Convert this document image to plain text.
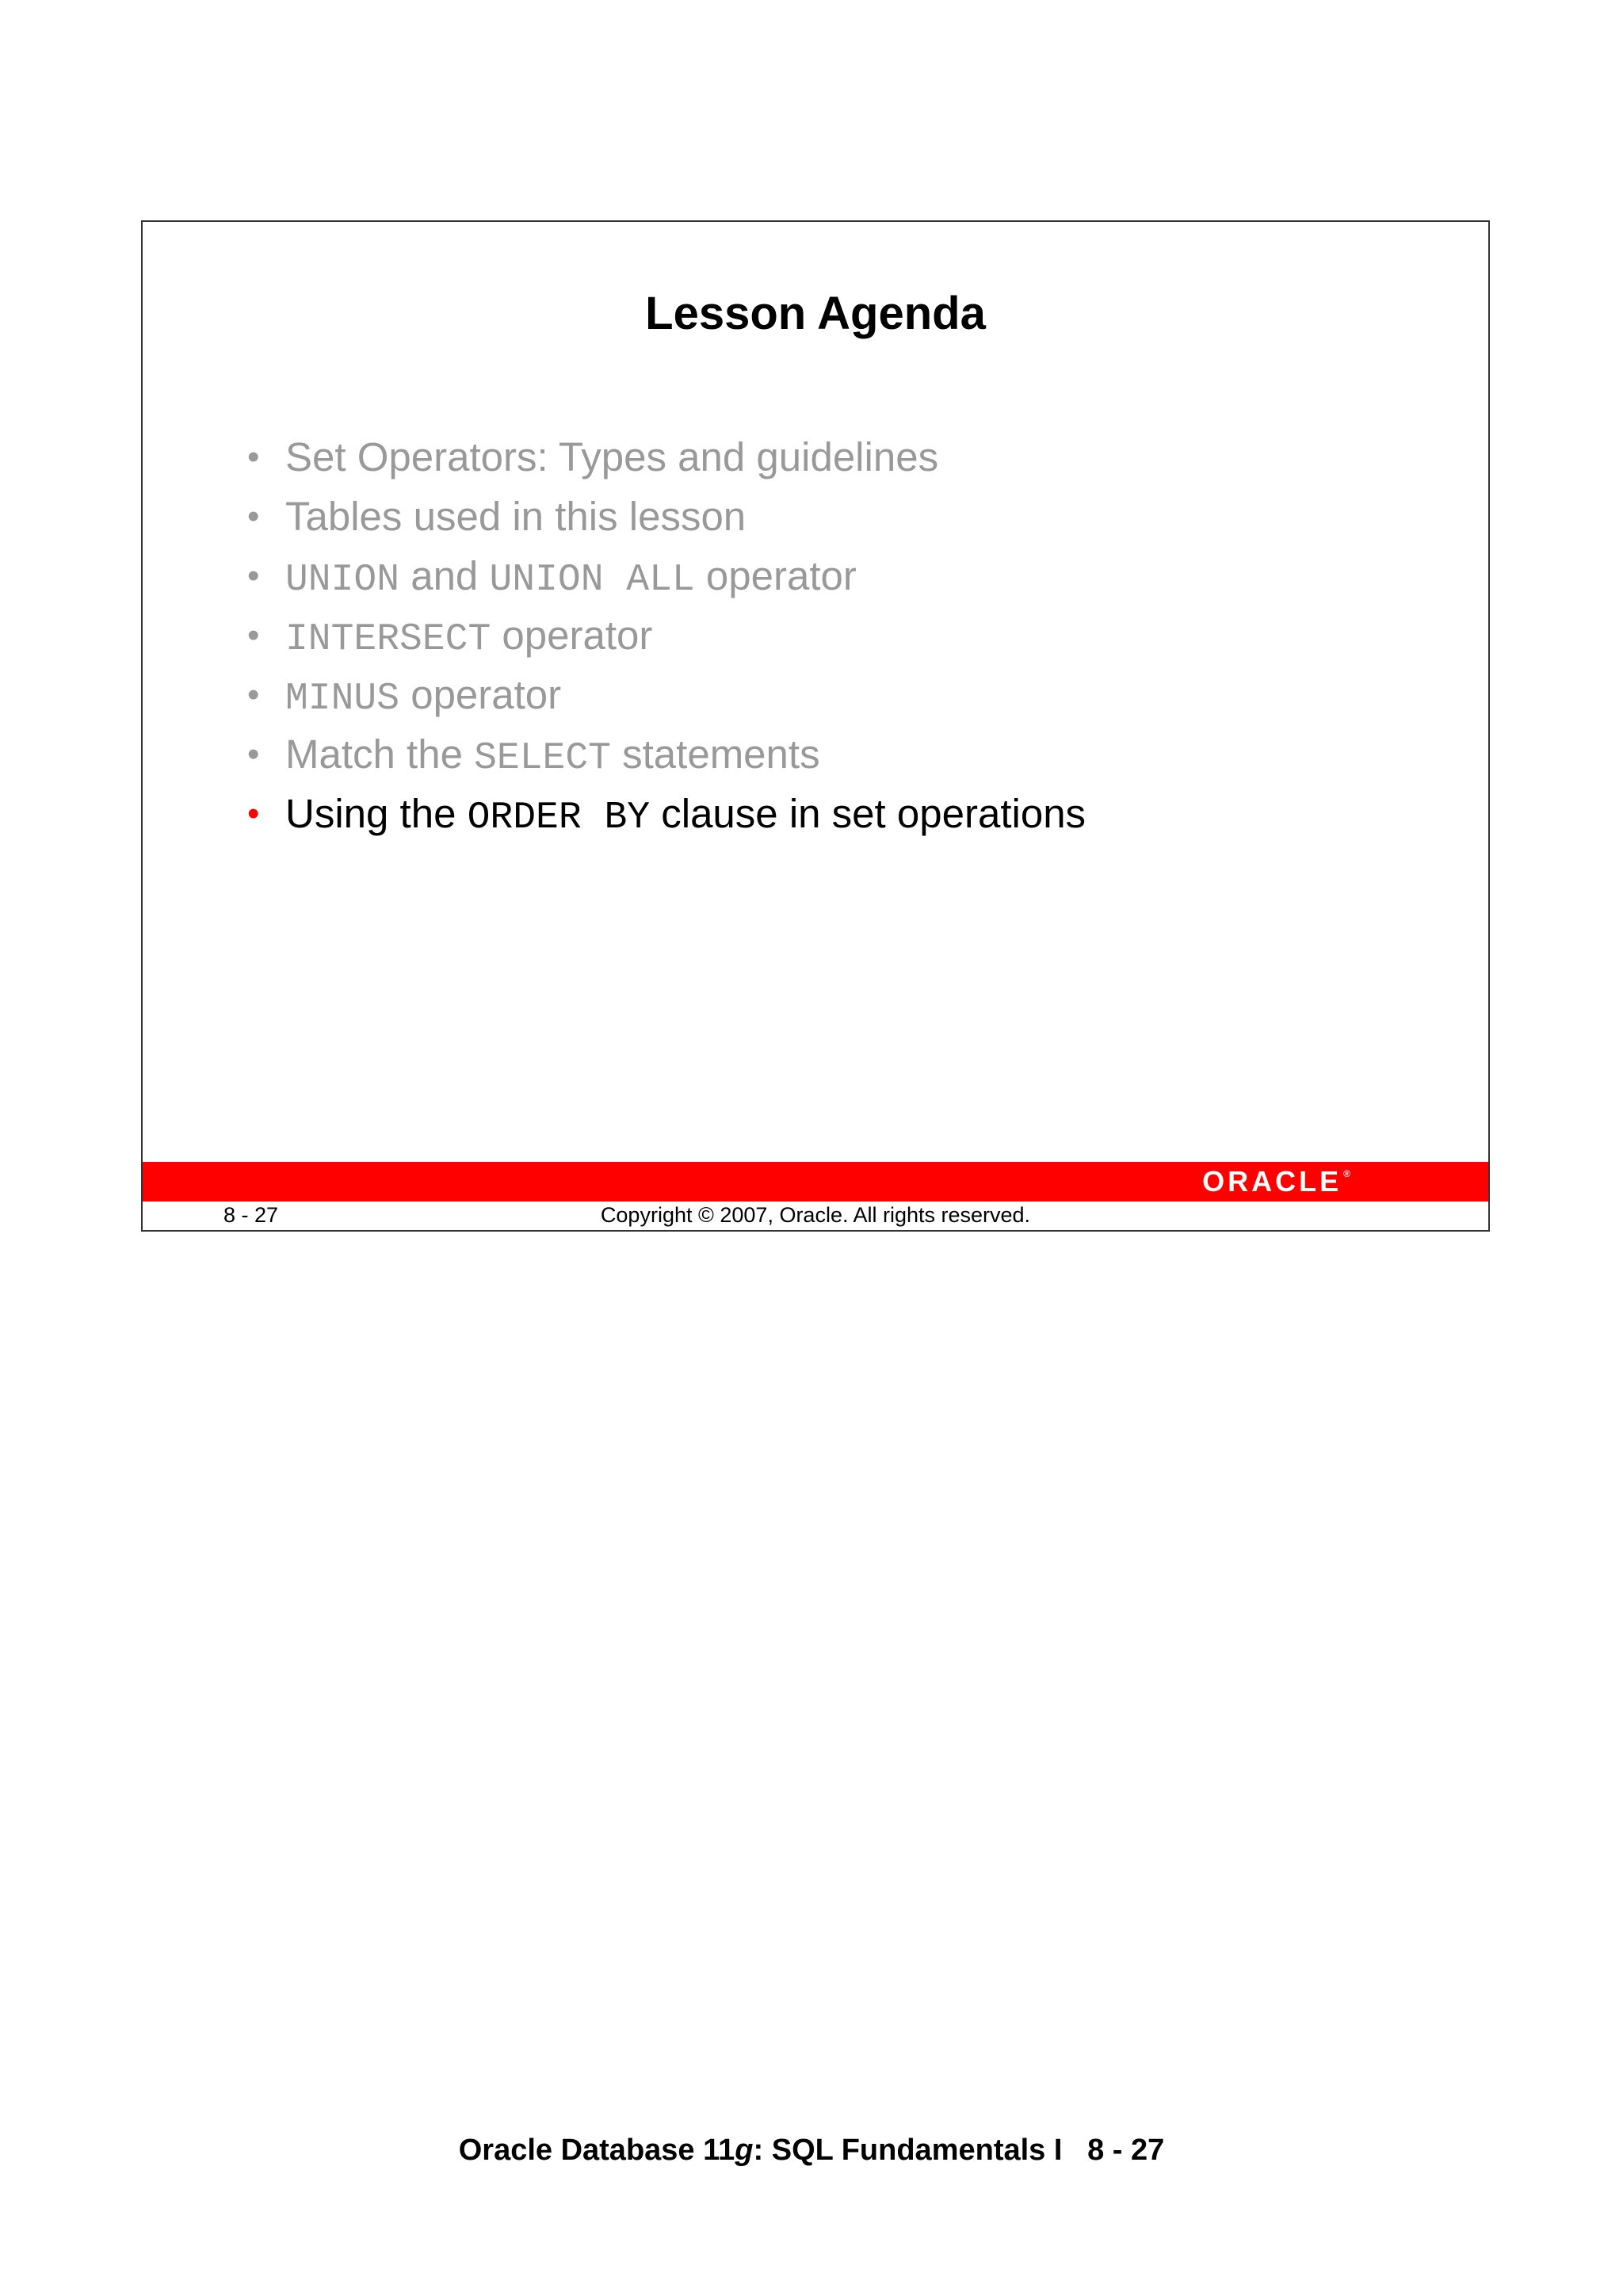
Lesson Agenda
• Set Operators: Types and guidelines
• Tables used in this lesson
• UNION and UNION ALL operator
• INTERSECT operator
• MINUS operator
• Match the SELECT statements
• Using the ORDER BY clause in set operations
ORACLE ®
8 - 27	Copyright © 2007, Oracle. All rights reserved.
Oracle Database 11g: SQL Fundamentals I   8 - 27
